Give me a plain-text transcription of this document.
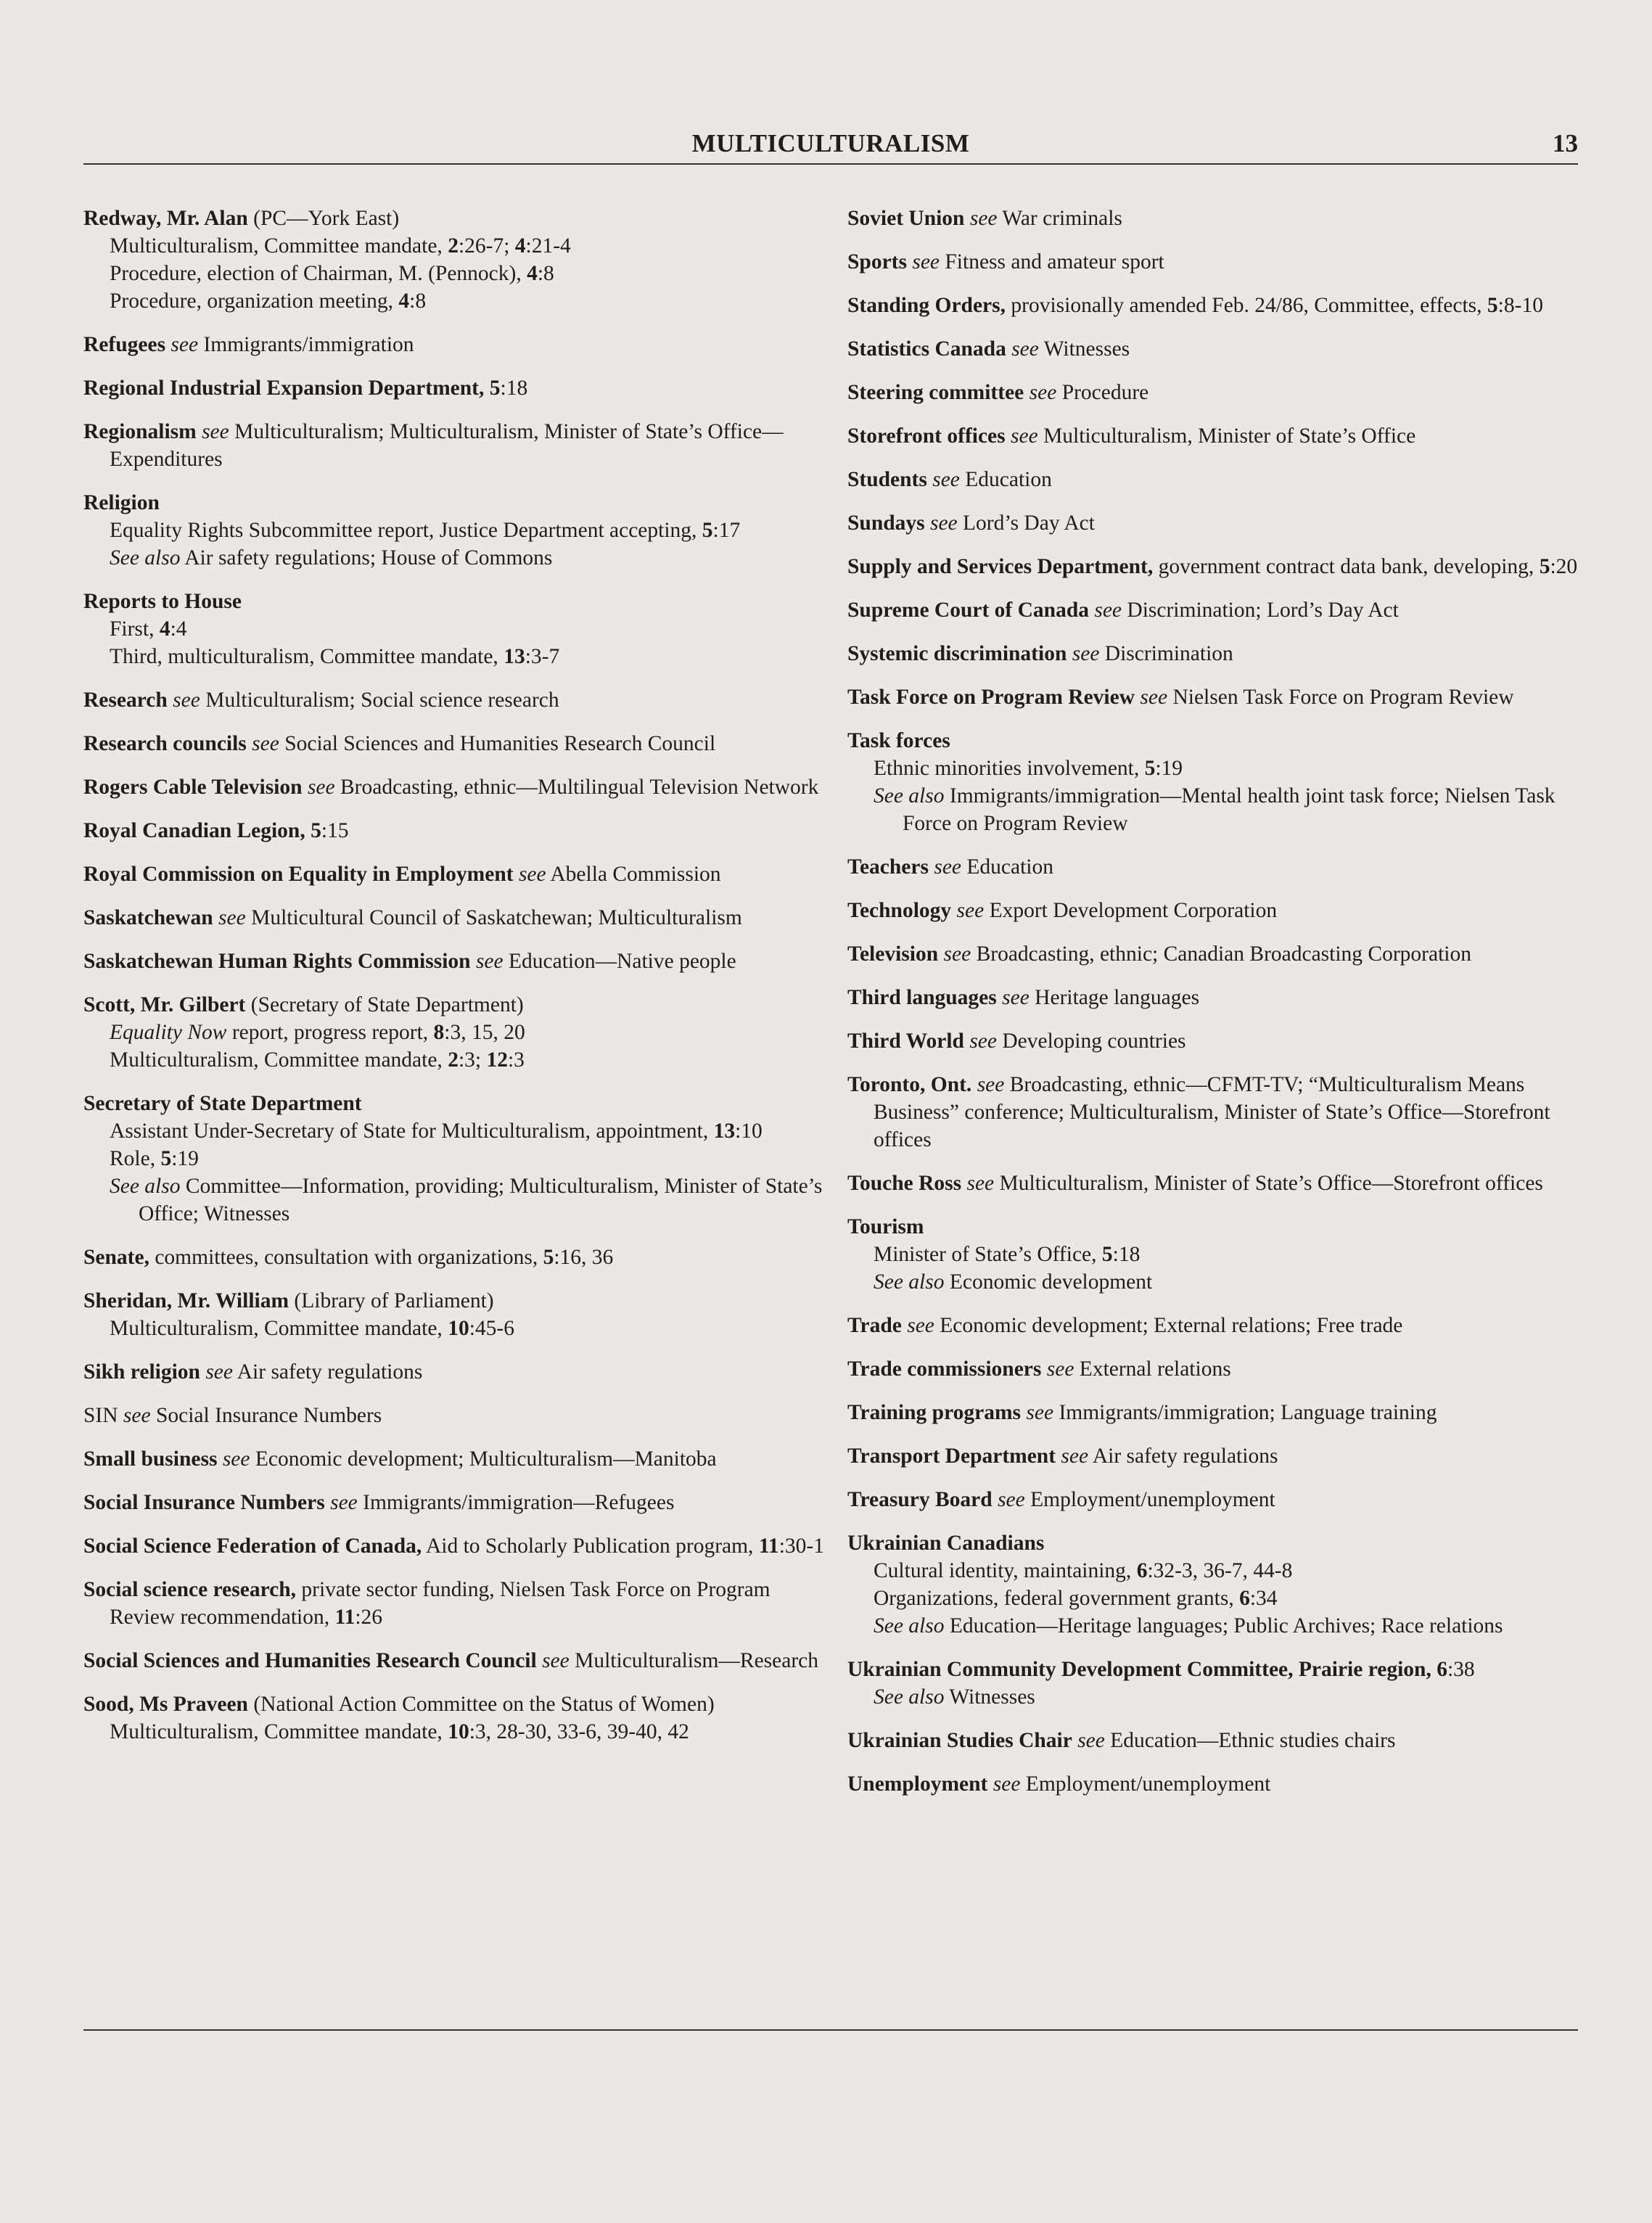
MULTICULTURALISM	13
Redway, Mr. Alan (PC—York East)
Multiculturalism, Committee mandate, 2:26-7; 4:21-4
Procedure, election of Chairman, M. (Pennock), 4:8
Procedure, organization meeting, 4:8
Refugees see Immigrants/immigration
Regional Industrial Expansion Department, 5:18
Regionalism see Multiculturalism; Multiculturalism, Minister of State’s Office—Expenditures
Religion
Equality Rights Subcommittee report, Justice Department accepting, 5:17
See also Air safety regulations; House of Commons
Reports to House
First, 4:4
Third, multiculturalism, Committee mandate, 13:3-7
Research see Multiculturalism; Social science research
Research councils see Social Sciences and Humanities Research Council
Rogers Cable Television see Broadcasting, ethnic—Multilingual Television Network
Royal Canadian Legion, 5:15
Royal Commission on Equality in Employment see Abella Commission
Saskatchewan see Multicultural Council of Saskatchewan; Multiculturalism
Saskatchewan Human Rights Commission see Education—Native people
Scott, Mr. Gilbert (Secretary of State Department)
Equality Now report, progress report, 8:3, 15, 20
Multiculturalism, Committee mandate, 2:3; 12:3
Secretary of State Department
Assistant Under-Secretary of State for Multiculturalism, appointment, 13:10
Role, 5:19
See also Committee—Information, providing; Multiculturalism, Minister of State’s Office; Witnesses
Senate, committees, consultation with organizations, 5:16, 36
Sheridan, Mr. William (Library of Parliament)
Multiculturalism, Committee mandate, 10:45-6
Sikh religion see Air safety regulations
SIN see Social Insurance Numbers
Small business see Economic development; Multiculturalism—Manitoba
Social Insurance Numbers see Immigrants/immigration—Refugees
Social Science Federation of Canada, Aid to Scholarly Publication program, 11:30-1
Social science research, private sector funding, Nielsen Task Force on Program Review recommendation, 11:26
Social Sciences and Humanities Research Council see Multiculturalism—Research
Sood, Ms Praveen (National Action Committee on the Status of Women)
Multiculturalism, Committee mandate, 10:3, 28-30, 33-6, 39-40, 42
Soviet Union see War criminals
Sports see Fitness and amateur sport
Standing Orders, provisionally amended Feb. 24/86, Committee, effects, 5:8-10
Statistics Canada see Witnesses
Steering committee see Procedure
Storefront offices see Multiculturalism, Minister of State’s Office
Students see Education
Sundays see Lord’s Day Act
Supply and Services Department, government contract data bank, developing, 5:20
Supreme Court of Canada see Discrimination; Lord’s Day Act
Systemic discrimination see Discrimination
Task Force on Program Review see Nielsen Task Force on Program Review
Task forces
Ethnic minorities involvement, 5:19
See also Immigrants/immigration—Mental health joint task force; Nielsen Task Force on Program Review
Teachers see Education
Technology see Export Development Corporation
Television see Broadcasting, ethnic; Canadian Broadcasting Corporation
Third languages see Heritage languages
Third World see Developing countries
Toronto, Ont. see Broadcasting, ethnic—CFMT-TV; “Multiculturalism Means Business” conference; Multiculturalism, Minister of State’s Office—Storefront offices
Touche Ross see Multiculturalism, Minister of State’s Office—Storefront offices
Tourism
Minister of State’s Office, 5:18
See also Economic development
Trade see Economic development; External relations; Free trade
Trade commissioners see External relations
Training programs see Immigrants/immigration; Language training
Transport Department see Air safety regulations
Treasury Board see Employment/unemployment
Ukrainian Canadians
Cultural identity, maintaining, 6:32-3, 36-7, 44-8
Organizations, federal government grants, 6:34
See also Education—Heritage languages; Public Archives; Race relations
Ukrainian Community Development Committee, Prairie region, 6:38
See also Witnesses
Ukrainian Studies Chair see Education—Ethnic studies chairs
Unemployment see Employment/unemployment
